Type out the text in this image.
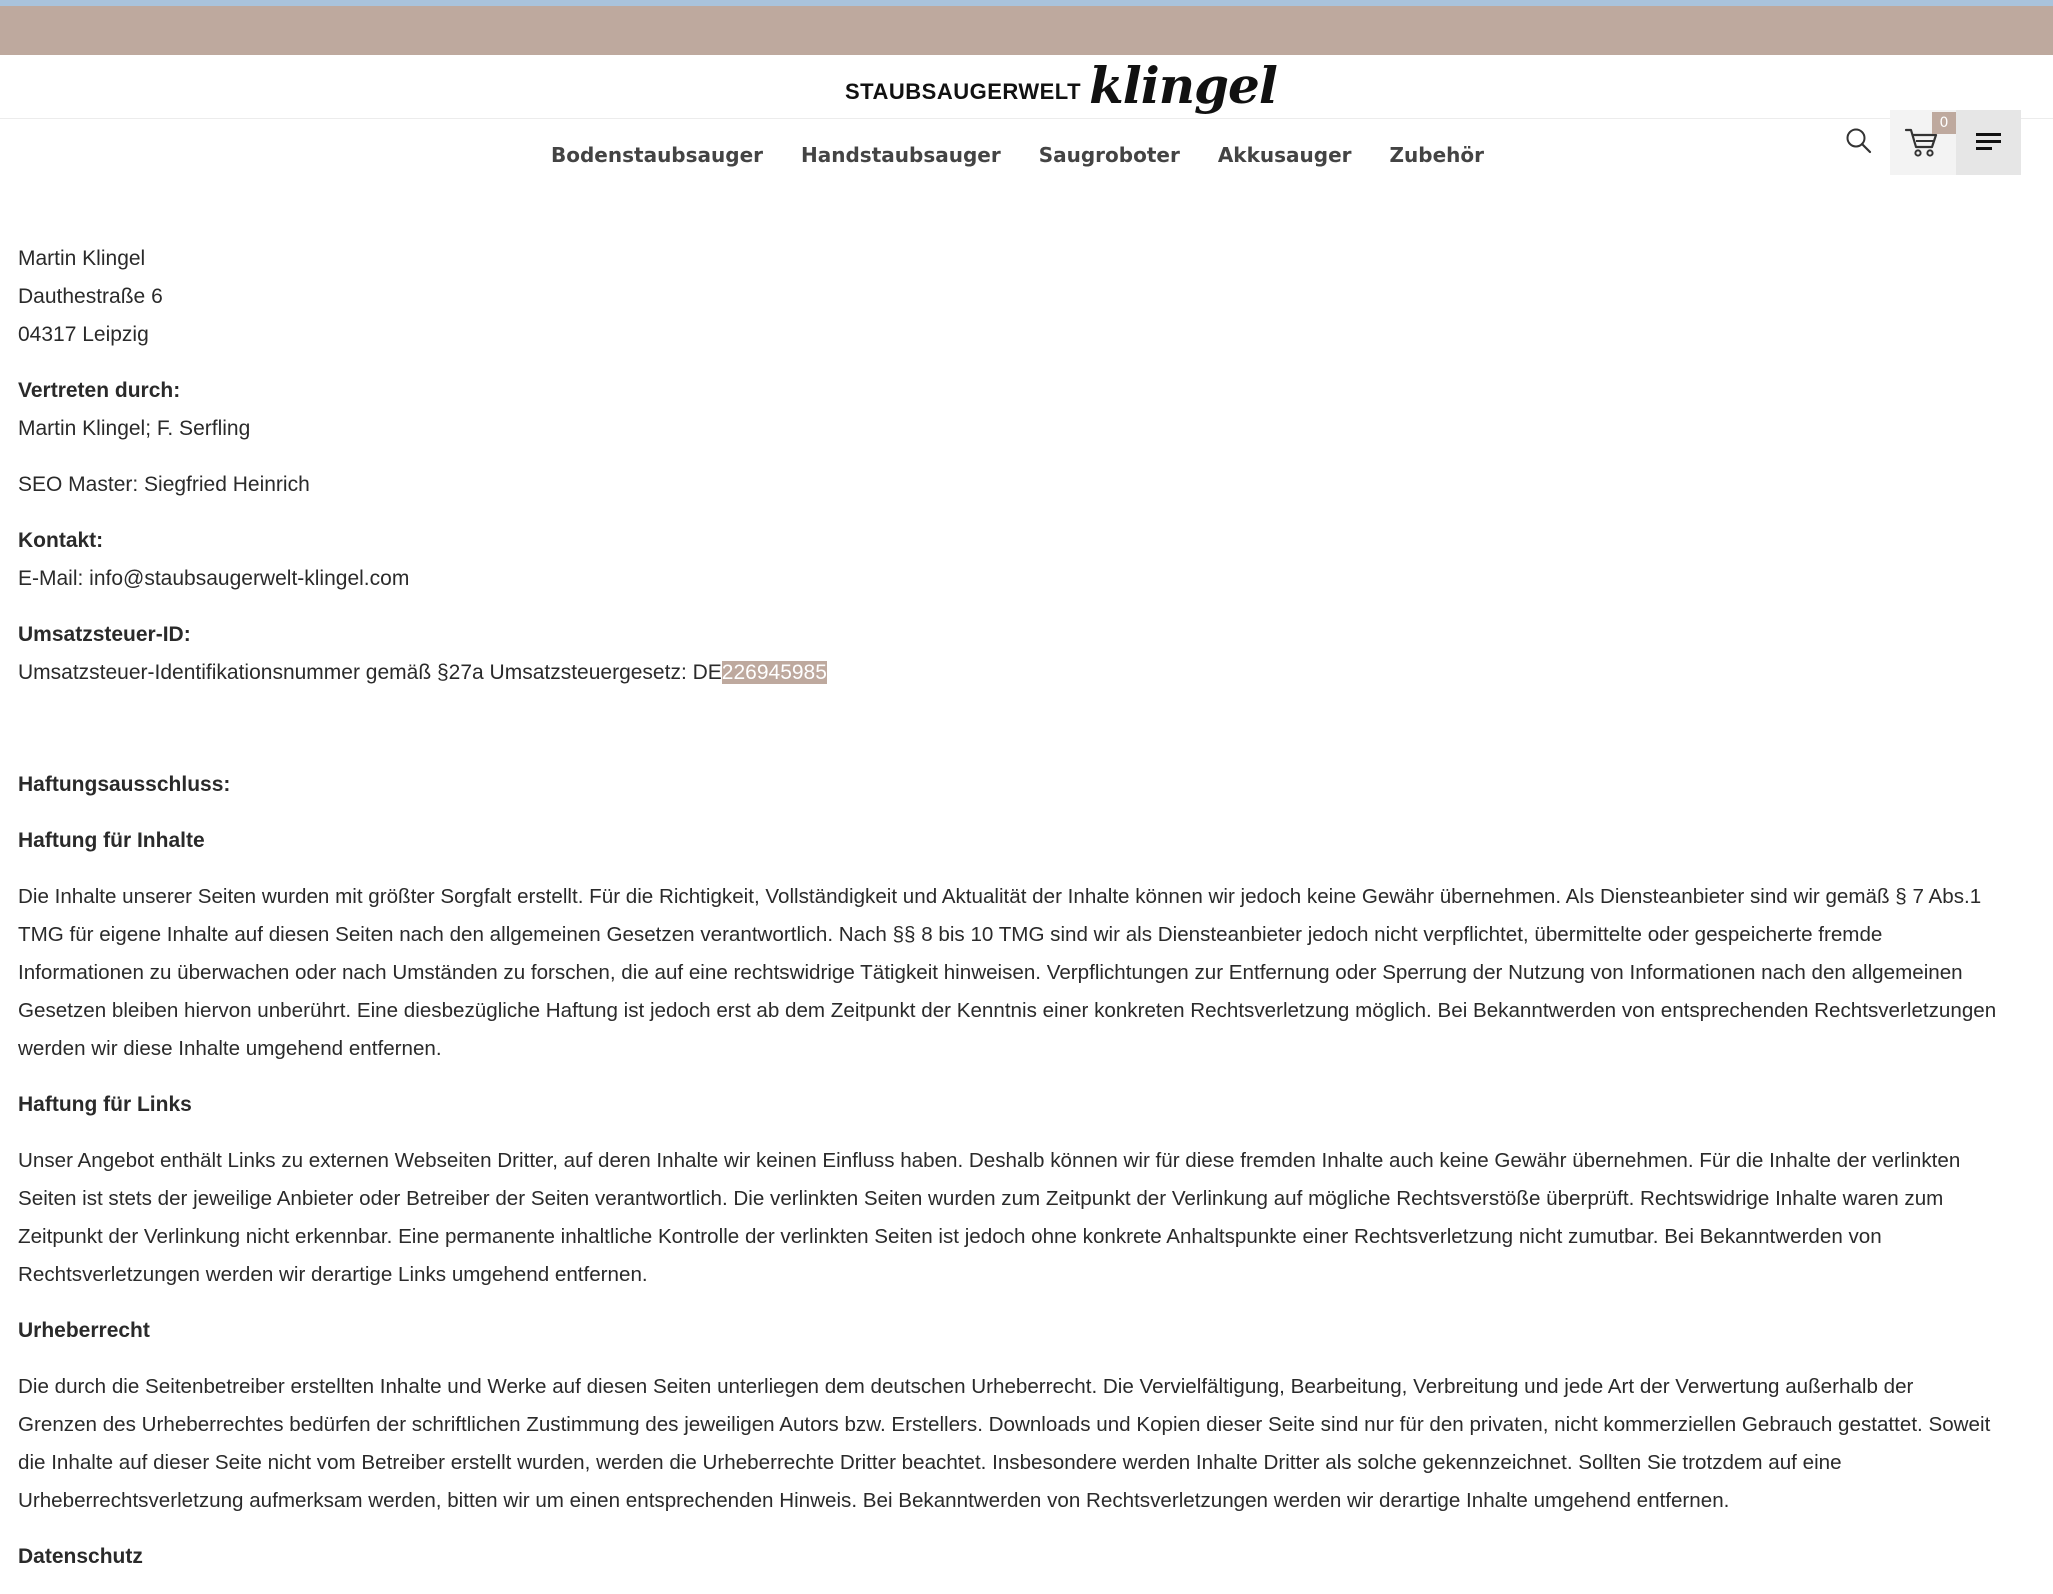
STAUBSAUGERWELT klingel
Bodenstaubsauger	Handstaubsauger	Saugroboter	Akkusauger	Zubehör
0
Martin Klingel
Dauthestraße 6
04317 Leipzig
Vertreten durch:
Martin Klingel; F. Serfling
SEO Master: Siegfried Heinrich
Kontakt:
E-Mail: info@staubsaugerwelt-klingel.com
Umsatzsteuer-ID:
Umsatzsteuer-Identifikationsnummer gemäß §27a Umsatzsteuergesetz: DE226945985
Haftungsausschluss:
Haftung für Inhalte
Die Inhalte unserer Seiten wurden mit größter Sorgfalt erstellt. Für die Richtigkeit, Vollständigkeit und Aktualität der Inhalte können wir jedoch keine Gewähr übernehmen. Als Diensteanbieter sind wir gemäß § 7 Abs.1
TMG für eigene Inhalte auf diesen Seiten nach den allgemeinen Gesetzen verantwortlich. Nach §§ 8 bis 10 TMG sind wir als Diensteanbieter jedoch nicht verpflichtet, übermittelte oder gespeicherte fremde
Informationen zu überwachen oder nach Umständen zu forschen, die auf eine rechtswidrige Tätigkeit hinweisen. Verpflichtungen zur Entfernung oder Sperrung der Nutzung von Informationen nach den allgemeinen
Gesetzen bleiben hiervon unberührt. Eine diesbezügliche Haftung ist jedoch erst ab dem Zeitpunkt der Kenntnis einer konkreten Rechtsverletzung möglich. Bei Bekanntwerden von entsprechenden Rechtsverletzungen
werden wir diese Inhalte umgehend entfernen.
Haftung für Links
Unser Angebot enthält Links zu externen Webseiten Dritter, auf deren Inhalte wir keinen Einfluss haben. Deshalb können wir für diese fremden Inhalte auch keine Gewähr übernehmen. Für die Inhalte der verlinkten
Seiten ist stets der jeweilige Anbieter oder Betreiber der Seiten verantwortlich. Die verlinkten Seiten wurden zum Zeitpunkt der Verlinkung auf mögliche Rechtsverstöße überprüft. Rechtswidrige Inhalte waren zum
Zeitpunkt der Verlinkung nicht erkennbar. Eine permanente inhaltliche Kontrolle der verlinkten Seiten ist jedoch ohne konkrete Anhaltspunkte einer Rechtsverletzung nicht zumutbar. Bei Bekanntwerden von
Rechtsverletzungen werden wir derartige Links umgehend entfernen.
Urheberrecht
Die durch die Seitenbetreiber erstellten Inhalte und Werke auf diesen Seiten unterliegen dem deutschen Urheberrecht. Die Vervielfältigung, Bearbeitung, Verbreitung und jede Art der Verwertung außerhalb der
Grenzen des Urheberrechtes bedürfen der schriftlichen Zustimmung des jeweiligen Autors bzw. Erstellers. Downloads und Kopien dieser Seite sind nur für den privaten, nicht kommerziellen Gebrauch gestattet. Soweit
die Inhalte auf dieser Seite nicht vom Betreiber erstellt wurden, werden die Urheberrechte Dritter beachtet. Insbesondere werden Inhalte Dritter als solche gekennzeichnet. Sollten Sie trotzdem auf eine
Urheberrechtsverletzung aufmerksam werden, bitten wir um einen entsprechenden Hinweis. Bei Bekanntwerden von Rechtsverletzungen werden wir derartige Inhalte umgehend entfernen.
Datenschutz
